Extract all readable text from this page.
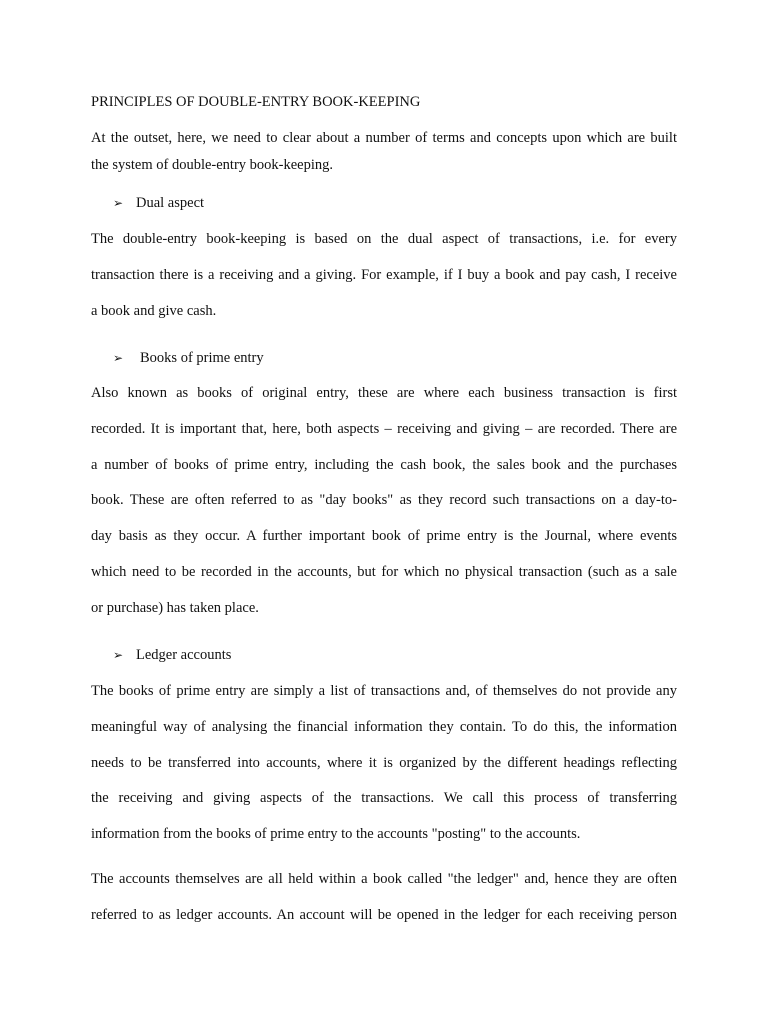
PRINCIPLES OF DOUBLE-ENTRY BOOK-KEEPING
At the outset, here, we need to clear about a number of terms and concepts upon which are built
the system of double-entry book-keeping.
➢ Dual aspect
The double-entry book-keeping is based on the dual aspect of transactions, i.e. for every
transaction there is a receiving and a giving. For example, if I buy a book and pay cash, I receive
a book and give cash.
➢ Books of prime entry
Also known as books of original entry, these are where each business transaction is first
recorded. It is important that, here, both aspects – receiving and giving – are recorded. There are
a number of books of prime entry, including the cash book, the sales book and the purchases
book. These are often referred to as "day books" as they record such transactions on a day-to-
day basis as they occur. A further important book of prime entry is the Journal, where events
which need to be recorded in the accounts, but for which no physical transaction (such as a sale
or purchase) has taken place.
➢ Ledger accounts
The books of prime entry are simply a list of transactions and, of themselves do not provide any
meaningful way of analysing the financial information they contain. To do this, the information
needs to be transferred into accounts, where it is organized by the different headings reflecting
the receiving and giving aspects of the transactions. We call this process of transferring
information from the books of prime entry to the accounts "posting" to the accounts.
The accounts themselves are all held within a book called "the ledger" and, hence they are often
referred to as ledger accounts. An account will be opened in the ledger for each receiving person
